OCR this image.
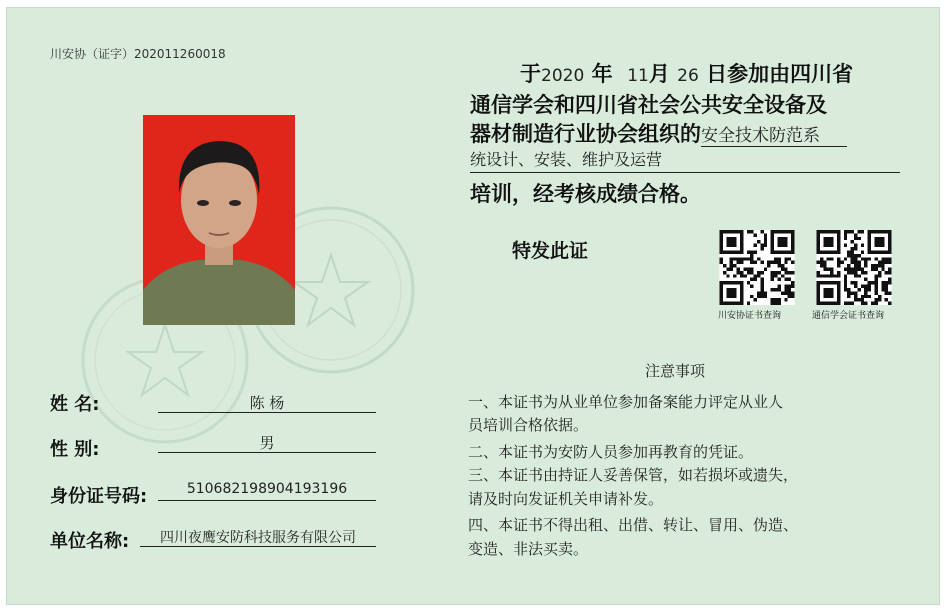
川安协（证字）202011260018
姓 名:	陈 杨
性 别:	男
身份证号码:	510682198904193196
单位名称:	四川夜鹰安防科技服务有限公司
于2020 年 11月 26 日参加由四川省
通信学会和四川省社会公共安全设备及
器材制造行业协会组织的安全技术防范系
统设计、安装、维护及运营
培训，经考核成绩合格。
特发此证
川安协证书查询	通信学会证书查询
注意事项
一、本证书为从业单位参加备案能力评定从业人
员培训合格依据。
二、本证书为安防人员参加再教育的凭证。
三、本证书由持证人妥善保管，如若损坏或遗失，
请及时向发证机关申请补发。
四、本证书不得出租、出借、转让、冒用、伪造、
变造、非法买卖。
